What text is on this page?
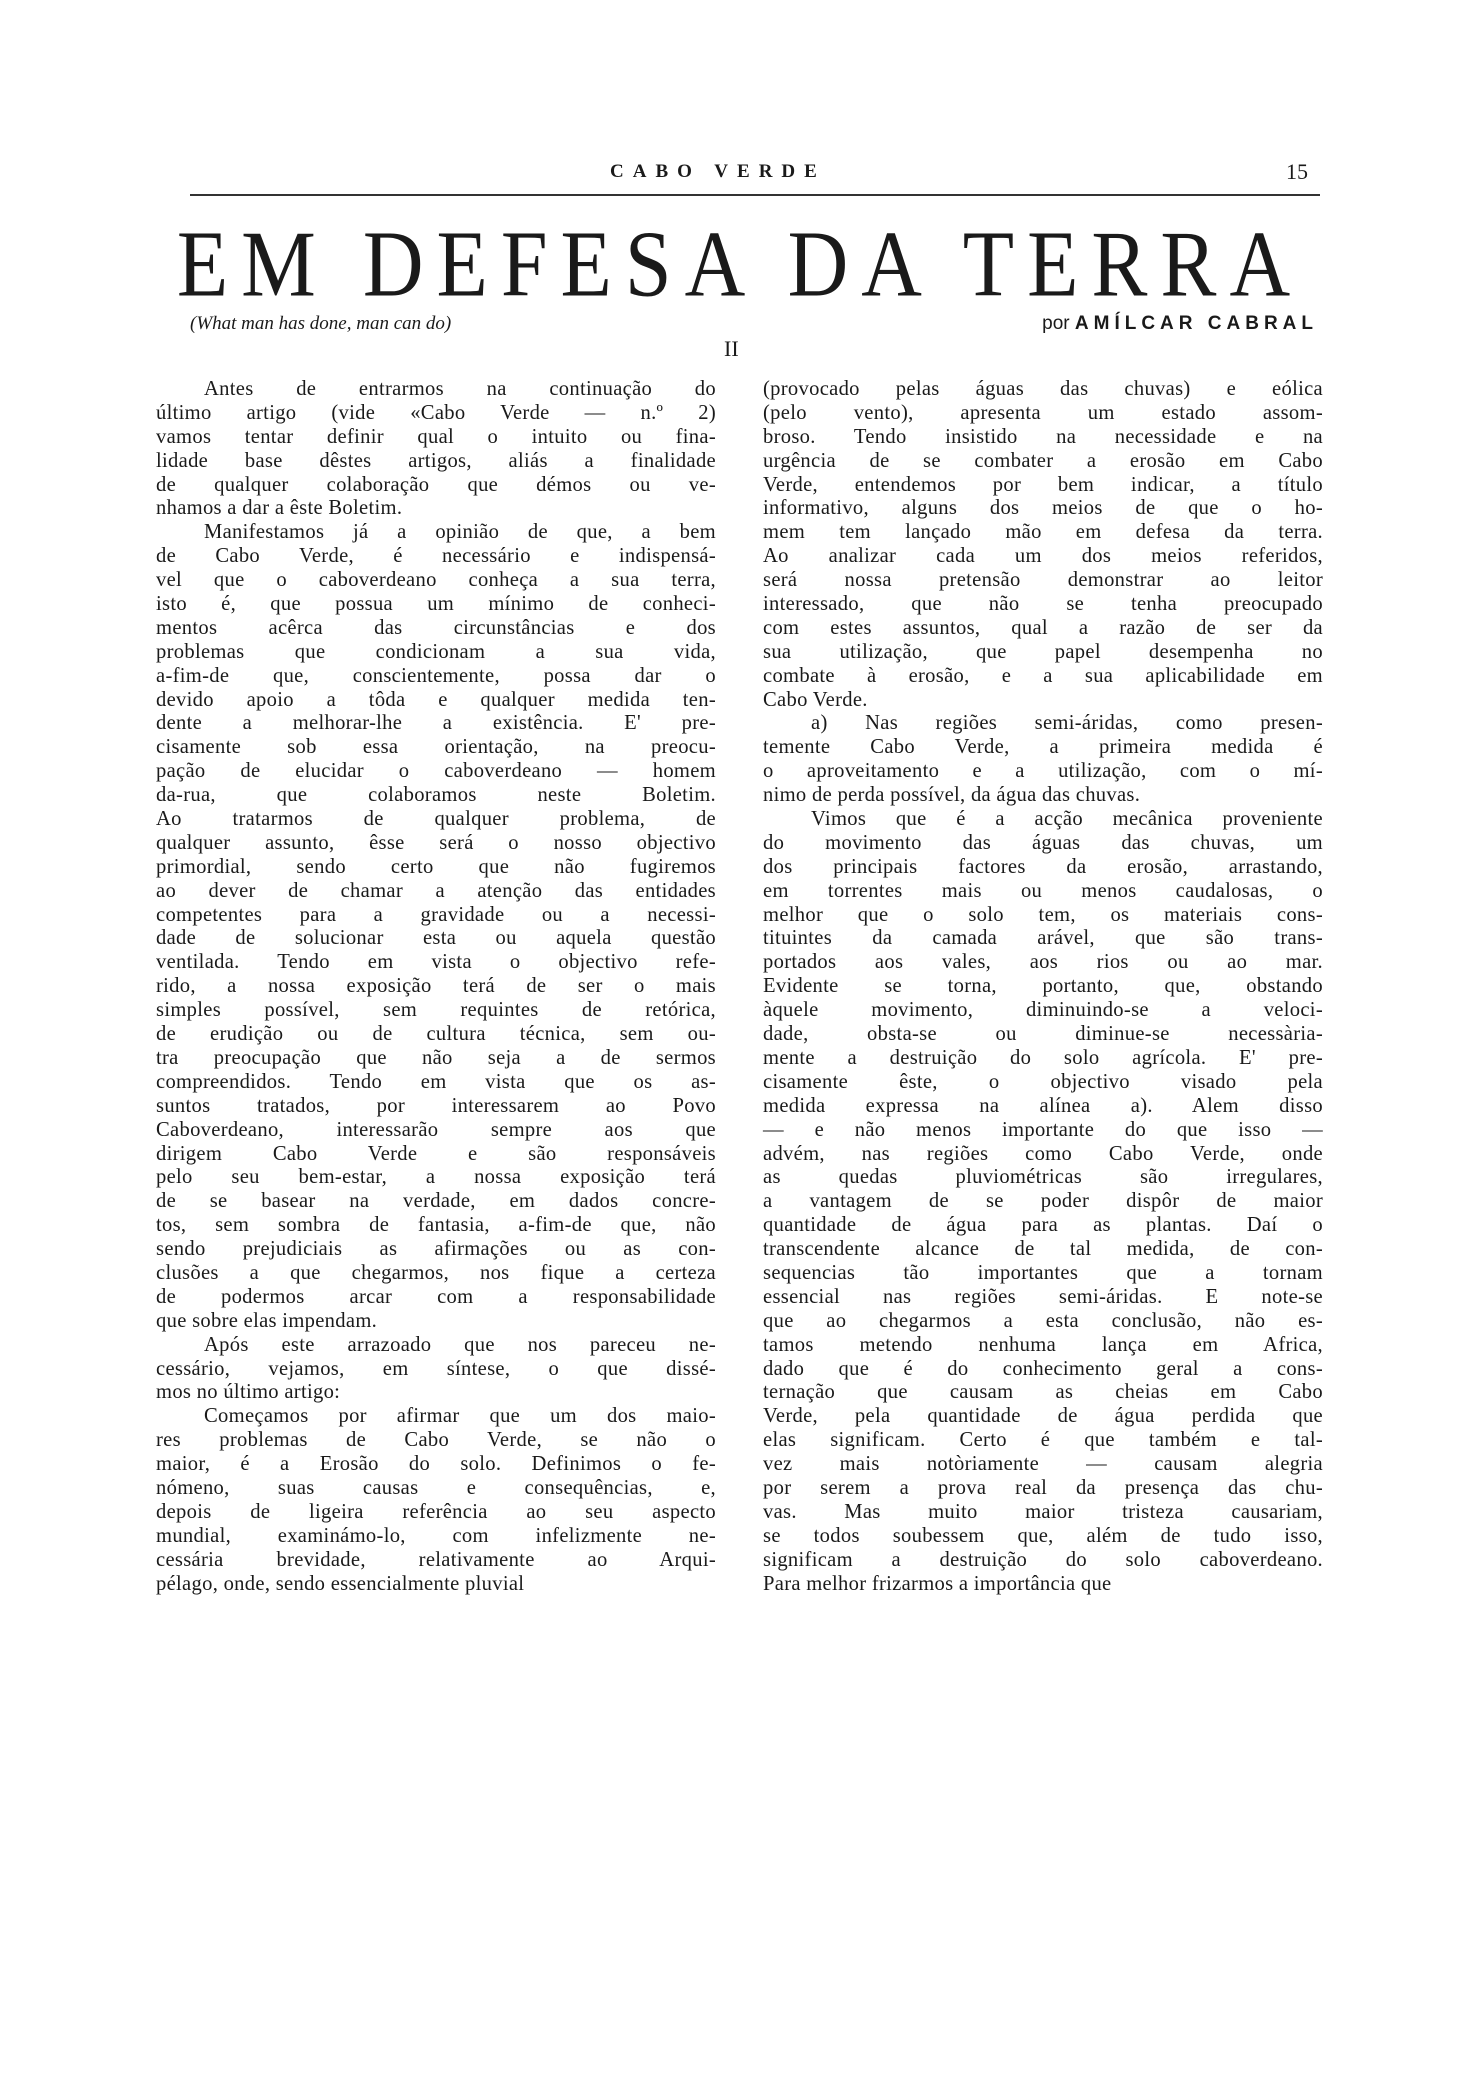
CABO VERDE	15
EM DEFESA DA TERRA
(What man has done, man can do)	por AMÍLCAR CABRAL
II
Antes de entrarmos na continuação do
último artigo (vide «Cabo Verde — n.º 2)
vamos tentar definir qual o intuito ou fina-
lidade base dêstes artigos, aliás a finalidade
de qualquer colaboração que démos ou ve-
nhamos a dar a êste Boletim.
Manifestamos já a opinião de que, a bem
de Cabo Verde, é necessário e indispensá-
vel que o caboverdeano conheça a sua terra,
isto é, que possua um mínimo de conheci-
mentos acêrca das circunstâncias e dos
problemas que condicionam a sua vida,
a-fim-de que, conscientemente, possa dar o
devido apoio a tôda e qualquer medida ten-
dente a melhorar-lhe a existência. E' pre-
cisamente sob essa orientação, na preocu-
pação de elucidar o caboverdeano — homem
da-rua, que colaboramos neste Boletim.
Ao tratarmos de qualquer problema, de
qualquer assunto, êsse será o nosso objectivo
primordial, sendo certo que não fugiremos
ao dever de chamar a atenção das entidades
competentes para a gravidade ou a necessi-
dade de solucionar esta ou aquela questão
ventilada. Tendo em vista o objectivo refe-
rido, a nossa exposição terá de ser o mais
simples possível, sem requintes de retórica,
de erudição ou de cultura técnica, sem ou-
tra preocupação que não seja a de sermos
compreendidos. Tendo em vista que os as-
suntos tratados, por interessarem ao Povo
Caboverdeano, interessarão sempre aos que
dirigem Cabo Verde e são responsáveis
pelo seu bem-estar, a nossa exposição terá
de se basear na verdade, em dados concre-
tos, sem sombra de fantasia, a-fim-de que, não
sendo prejudiciais as afirmações ou as con-
clusões a que chegarmos, nos fique a certeza
de podermos arcar com a responsabilidade
que sobre elas impendam.
Após este arrazoado que nos pareceu ne-
cessário, vejamos, em síntese, o que dissé-
mos no último artigo:
Começamos por afirmar que um dos maio-
res problemas de Cabo Verde, se não o
maior, é a Erosão do solo. Definimos o fe-
nómeno, suas causas e consequências, e,
depois de ligeira referência ao seu aspecto
mundial, examinámo-lo, com infelizmente ne-
cessária brevidade, relativamente ao Arqui-
pélago, onde, sendo essencialmente pluvial
(provocado pelas águas das chuvas) e eólica
(pelo vento), apresenta um estado assom-
broso. Tendo insistido na necessidade e na
urgência de se combater a erosão em Cabo
Verde, entendemos por bem indicar, a título
informativo, alguns dos meios de que o ho-
mem tem lançado mão em defesa da terra.
Ao analizar cada um dos meios referidos,
será nossa pretensão demonstrar ao leitor
interessado, que não se tenha preocupado
com estes assuntos, qual a razão de ser da
sua utilização, que papel desempenha no
combate à erosão, e a sua aplicabilidade em
Cabo Verde.
a) Nas regiões semi-áridas, como presen-
temente Cabo Verde, a primeira medida é
o aproveitamento e a utilização, com o mí-
nimo de perda possível, da água das chuvas.
Vimos que é a acção mecânica proveniente
do movimento das águas das chuvas, um
dos principais factores da erosão, arrastando,
em torrentes mais ou menos caudalosas, o
melhor que o solo tem, os materiais cons-
tituintes da camada arável, que são trans-
portados aos vales, aos rios ou ao mar.
Evidente se torna, portanto, que, obstando
àquele movimento, diminuindo-se a veloci-
dade, obsta-se ou diminue-se necessària-
mente a destruição do solo agrícola. E' pre-
cisamente êste, o objectivo visado pela
medida expressa na alínea a). Alem disso
— e não menos importante do que isso —
advém, nas regiões como Cabo Verde, onde
as quedas pluviométricas são irregulares,
a vantagem de se poder dispôr de maior
quantidade de água para as plantas. Daí o
transcendente alcance de tal medida, de con-
sequencias tão importantes que a tornam
essencial nas regiões semi-áridas. E note-se
que ao chegarmos a esta conclusão, não es-
tamos metendo nenhuma lança em Africa,
dado que é do conhecimento geral a cons-
ternação que causam as cheias em Cabo
Verde, pela quantidade de água perdida que
elas significam. Certo é que também e tal-
vez mais notòriamente — causam alegria
por serem a prova real da presença das chu-
vas. Mas muito maior tristeza causariam,
se todos soubessem que, além de tudo isso,
significam a destruição do solo caboverdeano.
Para melhor frizarmos a importância que
